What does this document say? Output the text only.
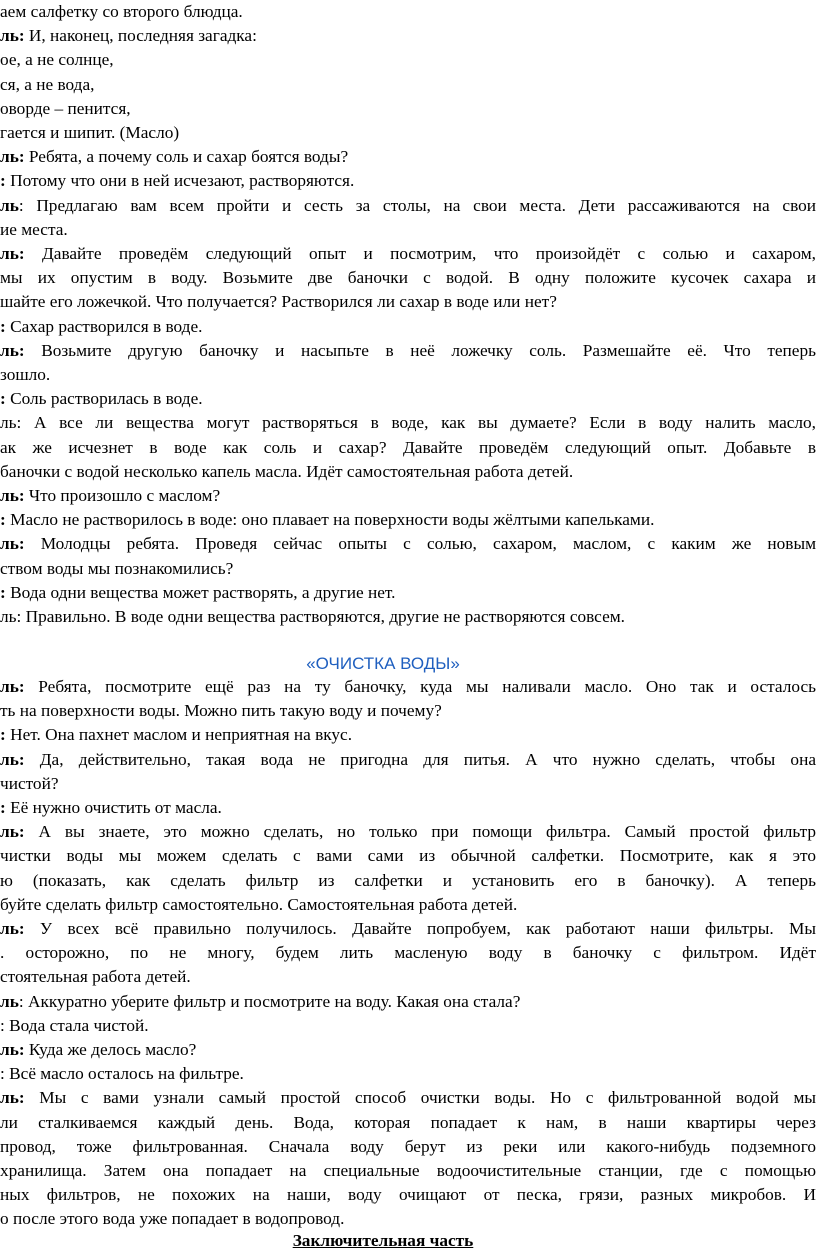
аем салфетку со второго блюдца.
ль: И, наконец, последняя загадка:
ое, а не солнце,
ся, а не вода,
оворде – пенится,
гается и шипит. (Масло)
ль: Ребята, а почему соль и сахар боятся воды?
: Потому что они в ней исчезают, растворяются.
ль: Предлагаю вам всем пройти и сесть за столы, на свои места. Дети рассаживаются на свои
ие места.
ль: Давайте проведём следующий опыт и посмотрим, что произойдёт с солью и сахаром,
мы их опустим в воду. Возьмите две баночки с водой. В одну положите кусочек сахара и
шайте его ложечкой. Что получается? Растворился ли сахар в воде или нет?
: Сахар растворился в воде.
ль: Возьмите другую баночку и насыпьте в неё ложечку соль. Размешайте её. Что теперь
зошло.
: Соль растворилась в воде.
ль: А все ли вещества могут растворяться в воде, как вы думаете? Если в воду налить масло,
ак же исчезнет в воде как соль и сахар? Давайте проведём следующий опыт. Добавьте в
баночки с водой несколько капель масла. Идёт самостоятельная работа детей.
ль: Что произошло с маслом?
: Масло не растворилось в воде: оно плавает на поверхности воды жёлтыми капельками.
ль: Молодцы ребята. Проведя сейчас опыты с солью, сахаром, маслом, с каким же новым
ством воды мы познакомились?
: Вода одни вещества может растворять, а другие нет.
ль: Правильно. В воде одни вещества растворяются, другие не растворяются совсем.
«ОЧИСТКА ВОДЫ»
ль: Ребята, посмотрите ещё раз на ту баночку, куда мы наливали масло. Оно так и осталось
ть на поверхности воды. Можно пить такую воду и почему?
: Нет. Она пахнет маслом и неприятная на вкус.
ль: Да, действительно, такая вода не пригодна для питья. А что нужно сделать, чтобы она
чистой?
: Её нужно очистить от масла.
ль: А вы знаете, это можно сделать, но только при помощи фильтра. Самый простой фильтр
чистки воды мы можем сделать с вами сами из обычной салфетки. Посмотрите, как я это
ю (показать, как сделать фильтр из салфетки и установить его в баночку). А теперь
буйте сделать фильтр самостоятельно. Самостоятельная работа детей.
ль: У всех всё правильно получилось. Давайте попробуем, как работают наши фильтры. Мы
. осторожно, по не многу, будем лить масленую воду в баночку с фильтром. Идёт
стоятельная работа детей.
ль: Аккуратно уберите фильтр и посмотрите на воду. Какая она стала?
: Вода стала чистой.
ль: Куда же делось масло?
: Всё масло осталось на фильтре.
ль: Мы с вами узнали самый простой способ очистки воды. Но с фильтрованной водой мы
ли сталкиваемся каждый день. Вода, которая попадает к нам, в наши квартиры через
провод, тоже фильтрованная. Сначала воду берут из реки или какого-нибудь подземного
хранилища. Затем она попадает на специальные водоочистительные станции, где с помощью
ных фильтров, не похожих на наши, воду очищают от песка, грязи, разных микробов. И
о после этого вода уже попадает в водопровод.
Заключительная часть
